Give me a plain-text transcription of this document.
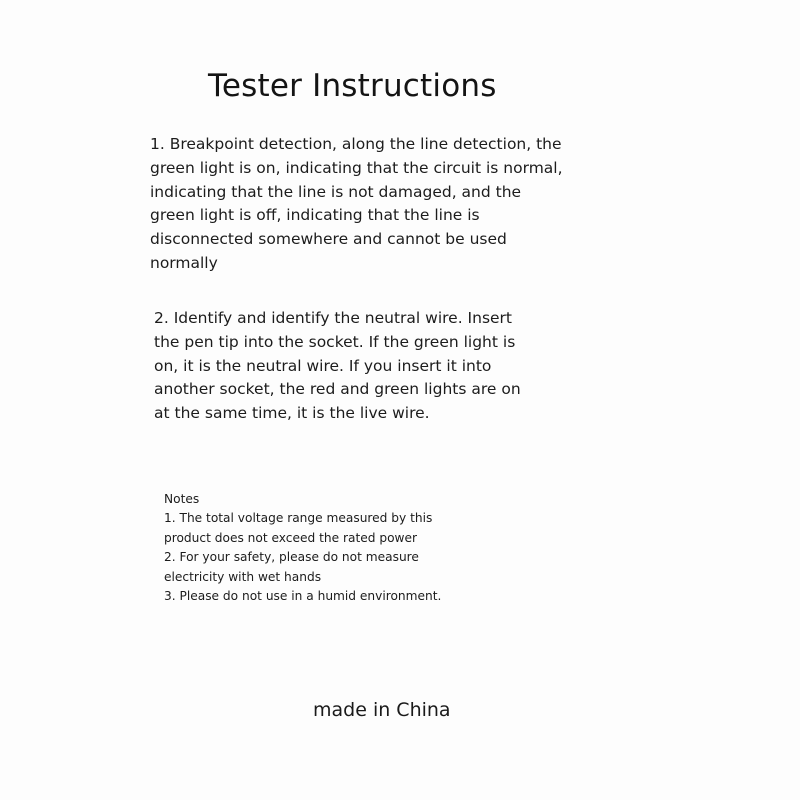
Tester Instructions
1. Breakpoint detection, along the line detection, the
green light is on, indicating that the circuit is normal,
indicating that the line is not damaged, and the
green light is off, indicating that the line is
disconnected somewhere and cannot be used
normally
2. Identify and identify the neutral wire. Insert
the pen tip into the socket. If the green light is
on, it is the neutral wire. If you insert it into
another socket, the red and green lights are on
at the same time, it is the live wire.
Notes
1. The total voltage range measured by this
product does not exceed the rated power
2. For your safety, please do not measure
electricity with wet hands
3. Please do not use in a humid environment.
made in China
